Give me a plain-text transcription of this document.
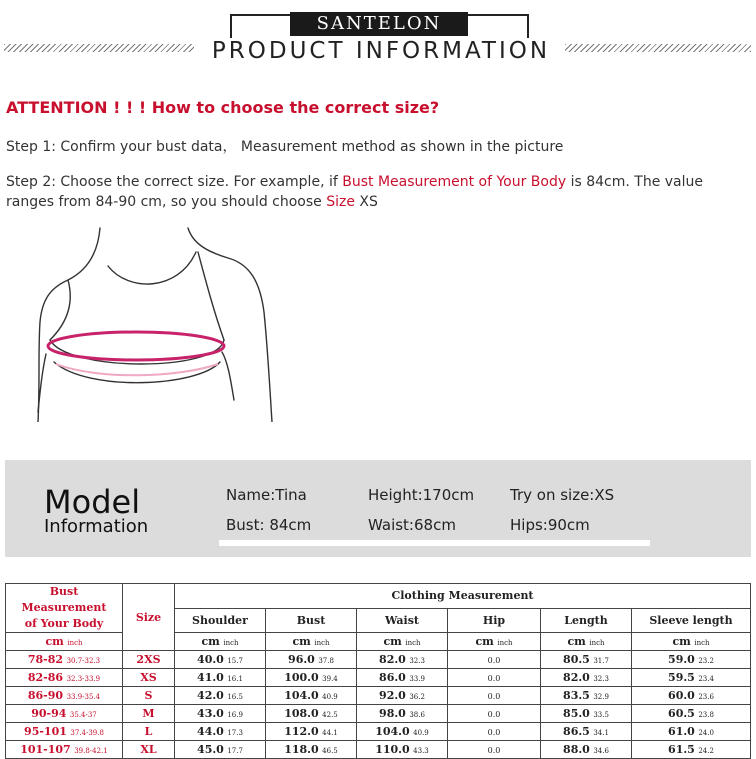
SANTELON
PRODUCT INFORMATION
ATTENTION ! ! ! How to choose the correct size?
Step 1: Confirm your bust data， Measurement method as shown in the picture
Step 2: Choose the correct size. For example, if Bust Measurement of Your Body is 84cm. The value ranges from 84-90 cm, so you should choose Size XS
Model
Information
Name:Tina	Height:170cm Try on size:XS
Bust: 84cm	Waist:68cm	Hips:90cm
Bust Measurement
of Your Body	Size	Clothing Measurement					
		Shoulder	Bust	Waist	Hip	Length	Sleeve length
cm inch		cm inch	cm inch	cm inch	cm inch	cm inch	cm inch
78-82 30.7-32.3	2XS	40.0 15.7	96.0 37.8	82.0 32.3	0.0	80.5 31.7	59.0 23.2
82-86 32.3-33.9	XS	41.0 16.1	100.0 39.4	86.0 33.9	0.0	82.0 32.3	59.5 23.4
86-90 33.9-35.4	S	42.0 16.5	104.0 40.9	92.0 36.2	0.0	83.5 32.9	60.0 23.6
90-94 35.4-37	M	43.0 16.9	108.0 42.5	98.0 38.6	0.0	85.0 33.5	60.5 23.8
95-101 37.4-39.8	L	44.0 17.3	112.0 44.1	104.0 40.9	0.0	86.5 34.1	61.0 24.0
101-107 39.8-42.1	XL	45.0 17.7	118.0 46.5	110.0 43.3	0.0	88.0 34.6	61.5 24.2
